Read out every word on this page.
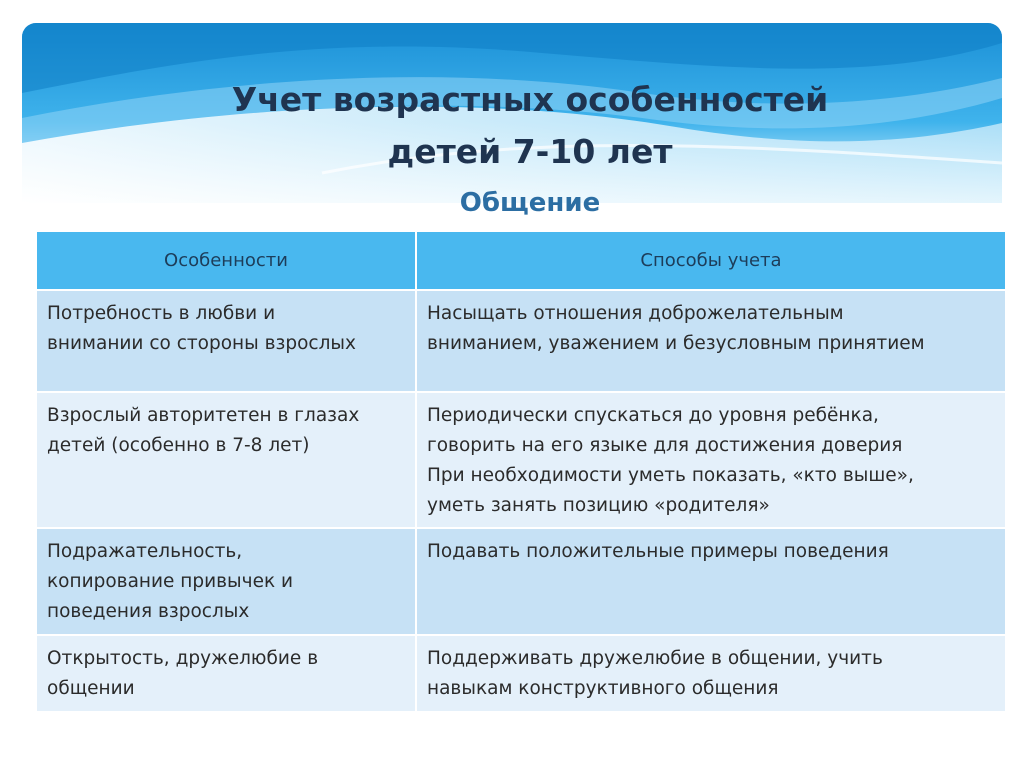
Учет возрастных особенностей
детей 7-10 лет
Общение
Особенности	Способы учета

Потребность в любви и
внимании со стороны взрослых	Насыщать отношения доброжелательным
вниманием, уважением и безусловным принятием

Взрослый авторитетен в глазах
детей (особенно в 7-8 лет)	Периодически спускаться до уровня ребёнка,
говорить на его языке для достижения доверия
При необходимости уметь показать, «кто выше»,
уметь занять позицию «родителя»

Подражательность,
копирование привычек и
поведения взрослых	Подавать положительные примеры поведения

Открытость, дружелюбие в
общении	Поддерживать дружелюбие в общении, учить
навыкам конструктивного общения
